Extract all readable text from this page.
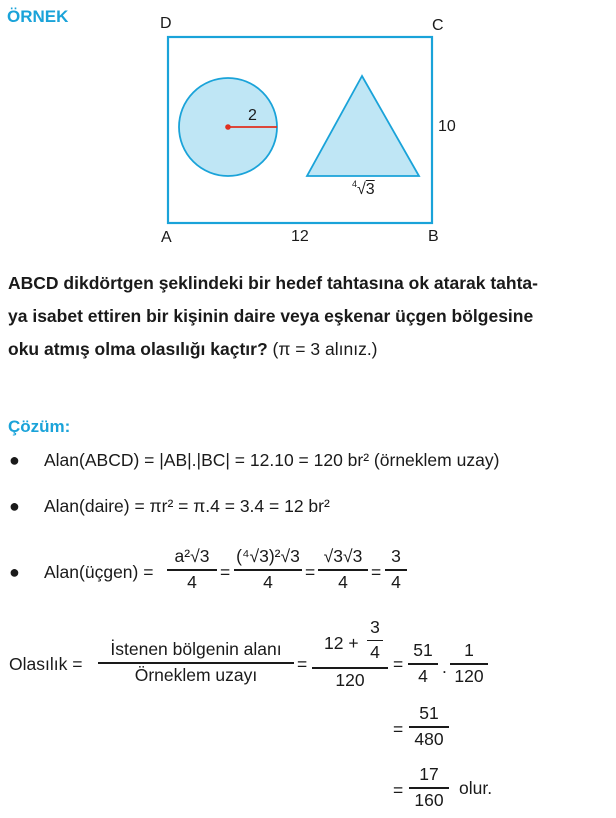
ÖRNEK	D	C
A	B
10
12
2
$^4$√3
ABCD dikdörtgen şeklindeki bir hedef tahtasına ok atarak tahta-
ya isabet ettiren bir kişinin daire veya eşkenar üçgen bölgesine
oku atmış olma olasılığı kaçtır? (π = 3 alınız.)
Çözüm:
● Alan(ABCD) = |AB|.|BC| = 12.10 = 120 br² (örneklem uzay)
● Alan(daire) = πr² = π.4 = 3.4 = 12 br²
● Alan(üçgen) =
a²√3
4	=
(⁴√3)²√3
4	=
√3√3
4	=
3
4
Olasılık =
İstenen bölgenin alanı
Örneklem uzayı
=
12 +
3
4
120
=
51
4 .
1
120
=
51
480
=
17
160
olur.
